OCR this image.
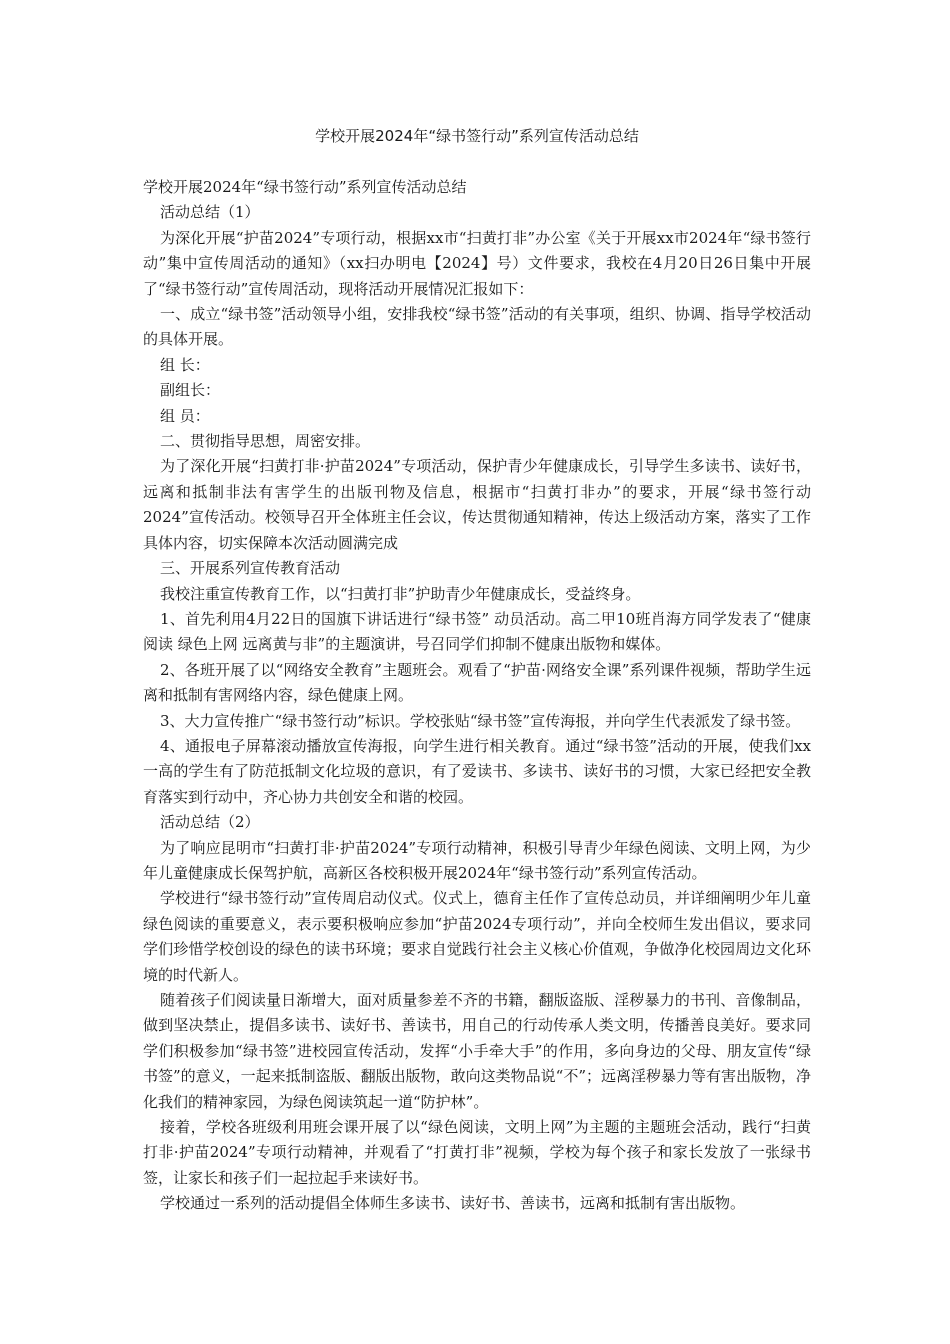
学校开展2024年“绿书签行动”系列宣传活动总结

学校开展2024年“绿书签行动”系列宣传活动总结

活动总结（1）

为深化开展“护苗2024”专项行动，根据xx市“扫黄打非”办公室《关于开展xx市2024年“绿书签行动”集中宣传周活动的通知》（xx扫办明电【2024】号）文件要求，我校在4月20日26日集中开展了“绿书签行动”宣传周活动，现将活动开展情况汇报如下：

一、成立“绿书签”活动领导小组，安排我校“绿书签”活动的有关事项，组织、协调、指导学校活动的具体开展。

组 长：

副组长：

组 员：

二、贯彻指导思想，周密安排。

为了深化开展“扫黄打非·护苗2024”专项活动，保护青少年健康成长，引导学生多读书、读好书，远离和抵制非法有害学生的出版刊物及信息，根据市“扫黄打非办”的要求，开展“绿书签行动 2024”宣传活动。校领导召开全体班主任会议，传达贯彻通知精神，传达上级活动方案，落实了工作具体内容，切实保障本次活动圆满完成

三、开展系列宣传教育活动

我校注重宣传教育工作，以“扫黄打非”护助青少年健康成长，受益终身。

1、首先利用4月22日的国旗下讲话进行“绿书签” 动员活动。高二甲10班肖海方同学发表了“健康阅读 绿色上网 远离黄与非”的主题演讲，号召同学们抑制不健康出版物和媒体。

2、各班开展了以“网络安全教育”主题班会。观看了“护苗·网络安全课”系列课件视频，帮助学生远离和抵制有害网络内容，绿色健康上网。

3、大力宣传推广“绿书签行动”标识。学校张贴“绿书签”宣传海报，并向学生代表派发了绿书签。

4、通报电子屏幕滚动播放宣传海报，向学生进行相关教育。通过“绿书签”活动的开展，使我们xx一高的学生有了防范抵制文化垃圾的意识，有了爱读书、多读书、读好书的习惯，大家已经把安全教育落实到行动中，齐心协力共创安全和谐的校园。

活动总结（2）

为了响应昆明市“扫黄打非·护苗2024”专项行动精神，积极引导青少年绿色阅读、文明上网，为少年儿童健康成长保驾护航，高新区各校积极开展2024年“绿书签行动”系列宣传活动。

学校进行“绿书签行动”宣传周启动仪式。仪式上，德育主任作了宣传总动员，并详细阐明少年儿童绿色阅读的重要意义，表示要积极响应参加“护苗2024专项行动”，并向全校师生发出倡议，要求同学们珍惜学校创设的绿色的读书环境；要求自觉践行社会主义核心价值观，争做净化校园周边文化环境的时代新人。

随着孩子们阅读量日渐增大，面对质量参差不齐的书籍，翻版盗版、淫秽暴力的书刊、音像制品，做到坚决禁止，提倡多读书、读好书、善读书，用自己的行动传承人类文明，传播善良美好。要求同学们积极参加“绿书签”进校园宣传活动，发挥“小手牵大手”的作用，多向身边的父母、朋友宣传“绿书签”的意义，一起来抵制盗版、翻版出版物，敢向这类物品说“不”；远离淫秽暴力等有害出版物，净化我们的精神家园，为绿色阅读筑起一道“防护林”。

接着，学校各班级利用班会课开展了以“绿色阅读，文明上网”为主题的主题班会活动，践行“扫黄打非·护苗2024”专项行动精神，并观看了“打黄打非”视频，学校为每个孩子和家长发放了一张绿书签，让家长和孩子们一起拉起手来读好书。

学校通过一系列的活动提倡全体师生多读书、读好书、善读书，远离和抵制有害出版物。
